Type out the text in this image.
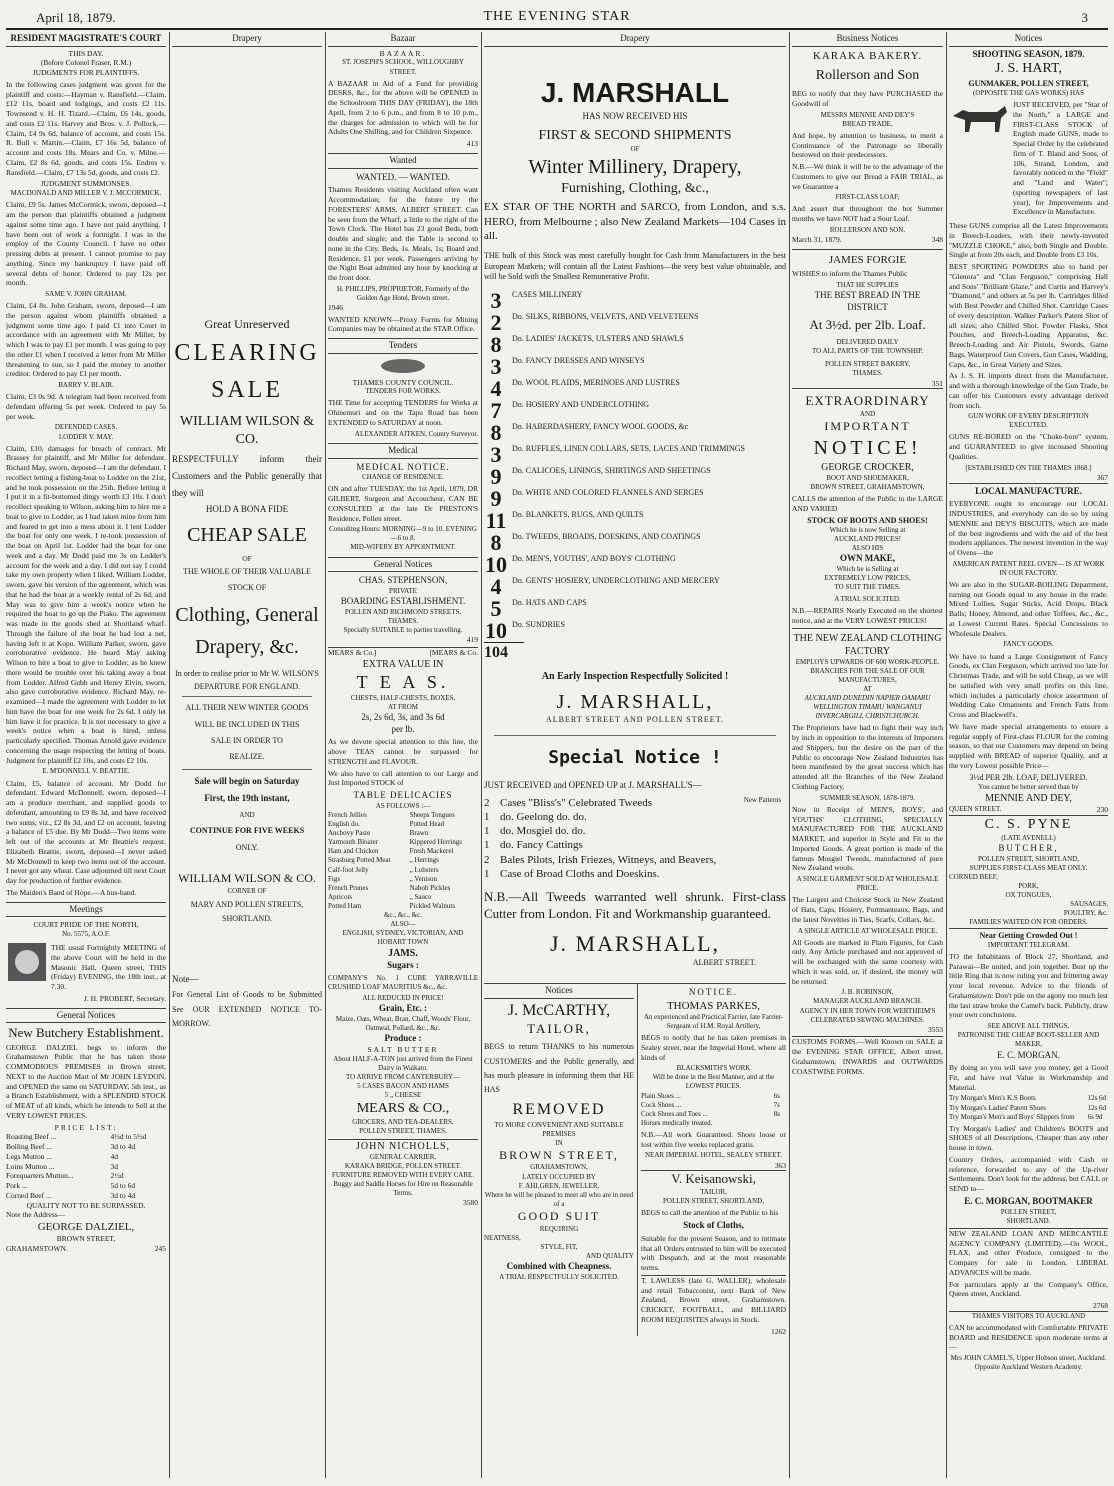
April 18, 1879.	THE EVENING STAR	3
RESIDENT MAGISTRATE'S COURT
THIS DAY.
(Before Colonel Fraser, R.M.)
JUDGMENTS FOR PLAINTIFFS.
In the following cases judgment was given for the plaintiff and costs:—Hayman v. Ransfield.—Claim, £12 11s, board and lodgings, and costs £2 11s. Townsend v. H. H. Tizard.—Claim, £6 14s, goods, and costs £2 11s. Harvey and Bros. v. J. Pollock.—Claim, £4 9s 6d, balance of account, and costs 15s. R. Bull v. Martin.—Claim, £7 16s 5d, balance of account and costs 18s. Mears and Co. v. Milne.—Claim, £2 8s 6d, goods, and costs 15s. Endres v. Ransfield.—Claim, £7 13s 5d, goods, and costs £2.
JUDGMENT SUMMONSES.
MACDONALD AND MILLER V. J. MCCORMICK.
Claim, £9 5s. James McCormick, sworn, deposed—I am the person that plaintiffs obtained a judgment against some time ago. I have not paid anything. I have been out of work a fortnight. I was in the employ of the County Council. I have no other pressing debts at present. I cannot promise to pay anything. Since my bankruptcy I have paid off several debts of honor. Ordered to pay 12s per month.
SAME V. JOHN GRAHAM.
Claim, £4 8s. John Graham, sworn, deposed—I am the person against whom plaintiffs obtained a judgment some time ago. I paid £1 into Court in accordance with an agreement with Mr Miller, by which I was to pay £1 per month. I was going to pay the other £1 when I received a letter from Mr Miller threatening to sue, so I paid the money to another creditor. Ordered to pay £1 per month.
BARRY V. BLAIR.
Claim, £3 0s 9d. A telegram had been received from defendant offering 5s per week. Ordered to pay 5s per week.
DEFENDED CASES.
LODDER V. MAY.
Claim, £10, damages for breach of contract. Mr Brassey for plaintiff, and Mr Miller for defendant. Richard May, sworn, deposed—I am the defendant. I recollect letting a fishing-boat to Lodder on the 21st, and he took possession on the 25th. Before letting it I put it in a fit-bottomed dingy worth £3 10s. I don't recollect speaking to Wilson, asking him to hire me a boat to give to Lodder, as I had taken mine from him and feared to get into a mess about it. I lent Lodder the boat for only one week. I re-took possession of the boat on April 1st. Lodder had the boat for one week and a day. Mr Dodd paid me 3s on Lodder's account for the week and a day. I did not say I could take my own property when I liked. William Lodder, sworn, gave his version of the agreement, which was that he had the boat at a weekly rental of 2s 6d, and May was to give him a week's notice when he required the boat to go up the Piako. The agreement was made in the goods shed at Shortland wharf. Through the failure of the boat he had lost a net, having left it at Kopu. William Parker, sworn, gave corroborative evidence. He heard May asking Wilson to hire a boat to give to Lodder, as he knew there would be trouble over his taking away a boat from Lodder. Alfred Gubb and Henry Elvin, sworn, also gave corroborative evidence. Richard May, re-examined—I made the agreement with Lodder to let him have the boat for one week for 2s 6d. I only let him have it for practice. It is not necessary to give a week's notice when a boat is hired, unless particularly specified. Thomas Arnold gave evidence concerning the usage respecting the letting of boats. Judgment for plaintiff £2 10s, and costs £2 10s.
E. M'DONNELL V. BEATTIE.
Claim, £5, balance of account. Mr Dodd for defendant. Edward McDonnell, sworn, deposed—I am a produce merchant, and supplied goods to defendant, amounting to £9 8s 3d, and have received two sums, viz., £2 8s 3d, and £2 on account, leaving a balance of £5 due. By Mr Dodd—Two items were left out of the accounts at Mr Beattie's request. Elizabeth Beattie, sworn, deposed—I never asked Mr McDonnell to keep two items out of the account. I never got any wheat. Case adjourned till next Court day for production of further evidence.
The Maiden's Band of Hope.—A hus-band.
Meetings
COURT PRIDE OF THE NORTH,
No. 5575, A.O.F.
THE usual Fortnightly MEETING of the above Court will be held in the Masonic Hall, Queen street, THIS (Friday) EVENING, the 18th inst., at 7.30.
J. H. PROBERT, Secretary.
General Notices
New Butchery Establishment.
GEORGE DALZIEL begs to inform the Grahamstown Public that he has taken those COMMODIOUS PREMISES in Brown street, NEXT to the Auction Mart of Mr JOHN LEYDON, and OPENED the same on SATURDAY, 5th inst., as a Branch Establishment, with a SPLENDID STOCK of MEAT of all kinds, which he intends to Sell at the VERY LOWEST PRICES.
PRICE LIST:
Roasting Beef ...	4½d to 5½d
Boiling Beef ...	3d to 4d
Legs Mutton ...	4d
Loins Mutton ...	3d
Forequarters Mutton...	2½d
Pork ...	5d to 6d
Corned Beef ...	3d to 4d
QUALITY NOT TO BE SURPASSED.
Note the Address—
GEORGE DALZIEL,
BROWN STREET,
GRAHAMSTOWN.	245
Drapery
Great Unreserved
CLEARING
SALE
WILLIAM WILSON & CO.
RESPECTFULLY inform their Customers and the Public generally that they will
HOLD A BONA FIDE
CHEAP SALE
OF
THE WHOLE OF THEIR VALUABLE STOCK OF
Clothing, General
Drapery, &c.
In order to realise prior to Mr W. WILSON'S
DEPARTURE FOR ENGLAND.
ALL THEIR NEW WINTER GOODS
WILL BE INCLUDED IN THIS
SALE IN ORDER TO
REALIZE.
Sale will begin on Saturday
First, the 19th instant,
AND
CONTINUE FOR FIVE WEEKS
ONLY.
WILLIAM WILSON & CO.
CORNER OF
MARY AND POLLEN STREETS,
SHORTLAND.
Note—
For General List of Goods to be Submitted See OUR EXTENDED NOTICE TO-MORROW.
Bazaar
BAZAAR.
ST. JOSEPH'S SCHOOL, WILLOUGHBY STREET.
A BAZAAR in Aid of a Fund for providing DESKS, &c., for the above will be OPENED in the Schoolroom THIS DAY (FRIDAY), the 18th April, from 2 to 6 p.m., and from 8 to 10 p.m., the charges for admission to which will be for Adults One Shilling, and for Children Sixpence.
413
Wanted
WANTED. — WANTED.
Thames Residents visiting Auckland often want Accommodation; for the future try the FORESTERS' ARMS, ALBERT STREET. Can be seen from the Wharf, a little to the right of the Town Clock. The Hotel has 23 good Beds, both double and single; and the Table is second to none in the City. Beds, 1s. Meals, 1s; Board and Residence, £1 per week. Passengers arriving by the Night Boat admitted any hour by knocking at the front door.
H. PHILLIPS, PROPRIETOR, Formerly of the Golden Age Hotel, Brown street.
1946
WANTED KNOWN—Proxy Forms for Mining Companies may be obtained at the STAR Office.
Tenders
THAMES COUNTY COUNCIL.
TENDERS FOR WORKS.
THE Time for accepting TENDERS for Works at Ohinemuri and on the Tapu Road has been EXTENDED to SATURDAY at noon.
ALEXANDER AITKEN, County Surveyor.
Medical
MEDICAL NOTICE.
CHANGE OF RESIDENCE.
ON and after TUESDAY, the 1st April, 1879, DR GILBERT, Surgeon and Accoucheur, CAN BE CONSULTED at the late Dr PRESTON'S Residence, Pollen street.
Consulting Hours: MORNING—9 to 10. EVENING—6 to 8.
MID-WIFERY BY APPOINTMENT.
General Notices
CHAS. STEPHENSON,
PRIVATE
BOARDING ESTABLISHMENT.
POLLEN AND RICHMOND STREETS,
THAMES.
Specially SUITABLE to parties travelling.
419
MEARS & Co.]	[MEARS & Co.
EXTRA VALUE IN
T E A S.
CHESTS, HALF-CHESTS, BOXES,
AT FROM
2s, 2s 6d, 3s, and 3s 6d
per lb.
As we devote special attention to this line, the above TEAS cannot be surpassed for STRENGTH and FLAVOUR.
We also have to call attention to our Large and Just Imported STOCK of
TABLE DELICACIES
AS FOLLOWS :—
French Jellies	Sheeps Tongues
English do.	Potted Head
Anchovy Paste	Brawn
Yarmouth Bloater	Kippered Herrings
Ham and Chicken	Fresh Mackerel
Strasburg Potted Meat	„ Herrings
Calf-foot Jelly	„ Lobsters
Figs	„ Venison
French Prunes	Nabob Pickles
Apricots	„ Sauce
Potted Ham	Pickled Walnuts
&c., &c., &c.
ALSO—
ENGLISH, SYDNEY, VICTORIAN, AND HOBART TOWN
JAMS.
Sugars :
COMPANY'S No. 1 CUBE YARRAVILLE CRUSHED LOAF MAURITIUS &c., &c.
ALL REDUCED IN PRICE!
Grain, Etc. :
Maize, Oats, Wheat, Bran, Chaff, Woods' Flour, Oatmeal, Pollard, &c., &c.
Produce :
SALT BUTTER
About HALF-A-TON just arrived from the Finest Dairy in Waikato.
TO ARRIVE FROM CANTERBURY—
5 CASES BACON AND HAMS
5 „ CHEESE
MEARS & CO.,
GROCERS, AND TEA-DEALERS,
POLLEN STREET, THAMES.
JOHN NICHOLLS,
GENERAL CARRIER,
KARAKA BRIDGE, POLLEN STREET.
FURNITURE REMOVED WITH EVERY CARE.
Buggy and Saddle Horses for Hire on Reasonable Terms.
3580
Drapery
J. MARSHALL
HAS NOW RECEIVED HIS
FIRST & SECOND SHIPMENTS
OF
Winter Millinery, Drapery,
Furnishing, Clothing, &c.,
EX STAR OF THE NORTH and SARCO, from London, and s.s. HERO, from Melbourne ; also New Zealand Markets—104 Cases in all.
THE bulk of this Stock was most carefully bought for Cash from Manufacturers in the best European Markets; will contain all the Latest Fashions—the very best value obtainable, and will be Sold with the Smallest Remunerative Profit.
3	CASES MILLINERY
2	Do. SILKS, RIBBONS, VELVETS, AND VELVETEENS
8	Do. LADIES' JACKETS, ULSTERS AND SHAWLS
3	Do. FANCY DRESSES AND WINSEYS
4	Do. WOOL PLAIDS, MERINOES AND LUSTRES
7	Do. HOSIERY AND UNDERCLOTHING
8	Do. HABERDASHERY, FANCY WOOL GOODS, &c
3	Do. RUFFLES, LINEN COLLARS, SETS, LACES AND TRIMMINGS
9	Do. CALICOES, LININGS, SHIRTINGS AND SHEETINGS
9	Do. WHITE AND COLORED FLANNELS AND SERGES
11	Do. BLANKETS, RUGS, AND QUILTS
8	Do. TWEEDS, BROADS, DOESKINS, AND COATINGS
10	Do. MEN'S, YOUTHS', AND BOYS' CLOTHING
4	Do. GENTS' HOSIERY, UNDERCLOTHING AND MERCERY
5	Do. HATS AND CAPS
10	Do. SUNDRIES
104
An Early Inspection Respectfully Solicited !
J. MARSHALL,
ALBERT STREET AND POLLEN STREET.
Special Notice !
JUST RECEIVED and OPENED UP at J. MARSHALL'S—
2	Cases "Bliss's" Celebrated Tweeds	New Patterns
1	do. Geelong do. do.	
1	do. Mosgiel do. do.	
1	do. Fancy Cattings	
2	Bales Pilots, Irish Friezes, Witneys, and Beavers,	
1	Case of Broad Cloths and Doeskins.	
N.B.—All Tweeds warranted well shrunk. First-class Cutter from London. Fit and Workmanship guaranteed.
J. MARSHALL,
ALBERT STREET.
Notices
J. McCARTHY,
TAILOR,
BEGS to return THANKS to his numerous CUSTOMERS and the Public generally, and has much pleasure in informing them that HE HAS
REMOVED
TO MORE CONVENIENT AND SUITABLE PREMISES
IN
BROWN STREET,
GRAHAMSTOWN,
LATELY OCCUPIED BY
F. AHLGREN, JEWELLER,
Where he will be pleased to meet all who are in need of a
GOOD SUIT
REQUIRING
NEATNESS,
STYLE, FIT,
AND QUALITY
Combined with Cheapness.
A TRIAL RESPECTFULLY SOLICITED.
NOTICE.
THOMAS PARKES,
An experienced and Practical Farrier, late Farrier-Sergeant of H.M. Royal Artillery,
BEGS to notify that he has taken premises in Sealey street, near the Imperial Hotel, where all kinds of
BLACKSMITH'S WORK
Will be done in the Best Manner, and at the LOWEST PRICES.
Plain Shoes ...	6s
Cock Shoes ...	7s
Cock Shoes and Toes ...	8s
Horses medically treated.
N.B.—All work Guaranteed. Shoes loose or lost within five weeks replaced gratis.
NEAR IMPERIAL HOTEL, SEALEY STREET.
363
V. Keisanowski,
TAILOR,
POLLEN STREET, SHORTLAND,
BEGS to call the attention of the Public to his
Stock of Cloths,
Suitable for the present Season, and to intimate that all Orders entrusted to him will be executed with Despatch, and at the most reasonable terms.
T. LAWLESS (late G. WALLER), wholesale and retail Tobacconist, next Bank of New Zealand, Brown street, Grahamstown. CRICKET, FOOTBALL, and BILLIARD ROOM REQUISITES always in Stock.
1262
Business Notices
KARAKA BAKERY.
Rollerson and Son
BEG to notify that they have PURCHASED the Goodwill of
MESSRS MENNIE AND DEY'S
BREAD TRADE,
And hope, by attention to business, to merit a Continuance of the Patronage so liberally bestowed on their predecessors.
N.B.—We think it will be to the advantage of the Customers to give our Bread a FAIR TRIAL, as we Guarantee a
FIRST-CLASS LOAF,
And assert that throughout the hot Summer months we have NOT had a Sour Loaf.
ROLLERSON AND SON.
March 31, 1879.	348
JAMES FORGIE
WISHES to inform the Thames Public
THAT HE SUPPLIES
THE BEST BREAD IN THE
DISTRICT
At 3½d. per 2lb. Loaf.
DELIVERED DAILY
TO ALL PARTS OF THE TOWNSHIP.
POLLEN STREET BAKERY,
THAMES.
351
EXTRAORDINARY
AND
IMPORTANT
NOTICE!
GEORGE CROCKER,
BOOT AND SHOEMAKER,
BROWN STREET, GRAHAMSTOWN,
CALLS the attention of the Public to the LARGE AND VARIED
STOCK OF BOOTS AND SHOES!
Which he is now Selling at
AUCKLAND PRICES!
ALSO HIS
OWN MAKE,
Which he is Selling at
EXTREMELY LOW PRICES,
TO SUIT THE TIMES.
A TRIAL SOLICITED.
N.B.—REPAIRS Neatly Executed on the shortest notice, and at the VERY LOWEST PRICES!
THE NEW ZEALAND CLOTHING FACTORY
EMPLOYS UPWARDS OF 600 WORK-PEOPLE.
BRANCHES FOR THE SALE OF OUR MANUFACTURES,
AT
AUCKLAND DUNEDIN NAPIER OAMARU WELLINGTON TIMARU WANGANUI INVERCARGILL CHRISTCHURCH.
The Proprietors have had to fight their way inch by inch in opposition to the interests of Importers and Shippers, but the desire on the part of the Public to encourage New Zealand Industries has been manifested by the great success which has attended all the Branches of the New Zealand Clothing Factory.
SUMMER SEASON, 1878-1879.
Now in Receipt of MEN'S, BOYS', and YOUTHS' CLOTHING, SPECIALLY MANUFACTURED FOR THE AUCKLAND MARKET, and superior in Style and Fit to the Imported Goods. A great portion is made of the famous Mosgiel Tweeds, manufactured of pure New Zealand wools.
A SINGLE GARMENT SOLD AT WHOLESALE PRICE.
The Largest and Choicest Stock in New Zealand of Hats, Caps, Hosiery, Portmanteaux, Bags, and the latest Novelties in Ties, Scarfs, Collars, &c.
A SINGLE ARTICLE AT WHOLESALE PRICE.
All Goods are marked in Plain Figures, for Cash only. Any Article purchased and not approved of will be exchanged with the same courtesy with which it was sold, or, if desired, the money will be returned.
J. B. ROBINSON,
MANAGER AUCKLAND BRANCH.
AGENCY IN HER TOWN FOR WERTHEIM'S CELEBRATED SEWING MACHINES.
3553
CUSTOMS FORMS.—Well Known on SALE at the EVENING STAR OFFICE, Albert street, Grahamstown, INWARDS and OUTWARDS COASTWISE FORMS.
Notices
SHOOTING SEASON, 1879.
J. S. HART,
GUNMAKER, POLLEN STREET,
(OPPOSITE THE GAS WORKS) HAS
JUST RECEIVED, per "Star of the North," a LARGE and FIRST-CLASS STOCK of English made GUNS, made to Special Order by the celebrated firm of T. Bland and Sons, of 106, Strand, London, and favorably noticed in the "Field" and "Land and Water"; (sporting newspapers of last year), for Improvements and Excellence in Manufacture.
These GUNS comprise all the Latest Improvements in Breech-Loaders, with their newly-invented "MUZZLE CHOKE," also, both Single and Double. Single at from 20s each, and Double from £3 10s.
BEST SPORTING POWDERS also to hand per "Glenora" and "Clan Ferguson," comprising Hall and Sons' "Brilliant Glaze," and Curtis and Harvey's "Diamond," and others at 5s per lb. Cartridges filled with Best Powder and Chilled Shot. Cartridge Cases of every description. Walker Parker's Patent Shot of all sizes; also Chilled Shot. Powder Flasks, Shot Pouches, and Breech-Loading Apparatus, &c. Breech-Loading and Air Pistols, Swords, Game Bags, Waterproof Gun Covers, Gun Cases, Wadding, Caps, &c., in Great Variety and Sizes.
As J. S. H. imports direct from the Manufacturer, and with a thorough knowledge of the Gun Trade, he can offer his Customers every advantage derived from such.
GUN WORK OF EVERY DESCRIPTION EXECUTED.
GUNS RE-BORED on the "Choke-bore" system, and GUARANTEED to give increased Shooting Qualities.
[ESTABLISHED ON THE THAMES 1868.]
367
LOCAL MANUFACTURE.
EVERYONE ought to encourage our LOCAL INDUSTRIES, and everybody can do so by using MENNIE and DEY'S BISCUITS, which are made of the best ingredients and with the aid of the best modern appliances. The newest invention in the way of Ovens—the
AMERICAN PATENT REEL OVEN— IS AT WORK IN OUR FACTORY.
We are also in the SUGAR-BOILING Department, turning out Goods equal to any house in the trade. Mixed Lollies, Sugar Sticks, Acid Drops, Black Balls; Honey, Almond, and other Toffees, &c., &c., at Lowest Current Rates. Special Concessions to Wholesale Dealers.
FANCY GOODS.
We have to hand a Large Consignment of Fancy Goods, ex Clan Ferguson, which arrived too late for Christmas Trade, and will be sold Cheap, as we will be satisfied with very small profits on this line, which includes a particularly choice assortment of Wedding Cake Ornaments and French Fatts from Cross and Blackwell's.
We have made special arrangements to ensure a regular supply of First-class FLOUR for the coming season, so that our Customers may depend on being supplied with BREAD of superior Quality, and at the very Lowest possible Price—
3½d PER 2lb. LOAF, DELIVERED.
You cannot be better served than by
MENNIE AND DEY,
QUEEN STREET.	230
C. S. PYNE
(LATE AVENELL)
BUTCHER,
POLLEN STREET, SHORTLAND,
SUPPLIES FIRST-CLASS MEAT ONLY.
CORNED BEEF,
PORK,
OX TONGUES,
SAUSAGES,
POULTRY, &c.
FAMILIES WAITED ON FOR ORDERS.
Near Getting Crowded Out !
IMPORTANT TELEGRAM.
TO the Inhabitants of Block 27, Shortland, and Parawai—Be united, and join together. Bust up the little Ring that is now ruling you and frittering away your local revenue. Advice to the friends of Grahamstown: Don't pile on the agony too much lest the last straw broke the Camel's back. Publicly, draw your own conclusions.
SEE ABOVE ALL THINGS,
PATRONISE THE CHEAP BOOT-SELLER AND MAKER,
E. C. MORGAN.
By doing so you will save you money, get a Good Fit, and have real Value in Workmanship and Material.
Try Morgan's Men's K.S Boots	12s 6d
Try Morgan's Ladies' Patent Shoes	12s 6d
Try Morgan's Men's and Boys' Slippers from	6s 9d
Try Morgan's Ladies' and Children's BOOTS and SHOES of all Descriptions, Cheaper than any other house in town.
Country Orders, accompanied with Cash or reference, forwarded to any of the Up-river Settlements. Don't look for the address, but CALL or SEND to—
E. C. MORGAN, BOOTMAKER
POLLEN STREET,
SHORTLAND.
NEW ZEALAND LOAN AND MERCANTILE AGENCY COMPANY (LIMITED).—On WOOL, FLAX, and other Produce, consigned to the Company for sale in London, LIBERAL ADVANCES will be made.
For particulars apply at the Company's Office, Queen street, Auckland.
2768
THAMES VISITORS TO AUCKLAND
CAN be accommodated with Comfortable PRIVATE BOARD and RESIDENCE upon moderate terms at—
Mrs JOHN CAMEL'S, Upper Hobson street, Auckland.
Opposite Auckland Western Academy.
